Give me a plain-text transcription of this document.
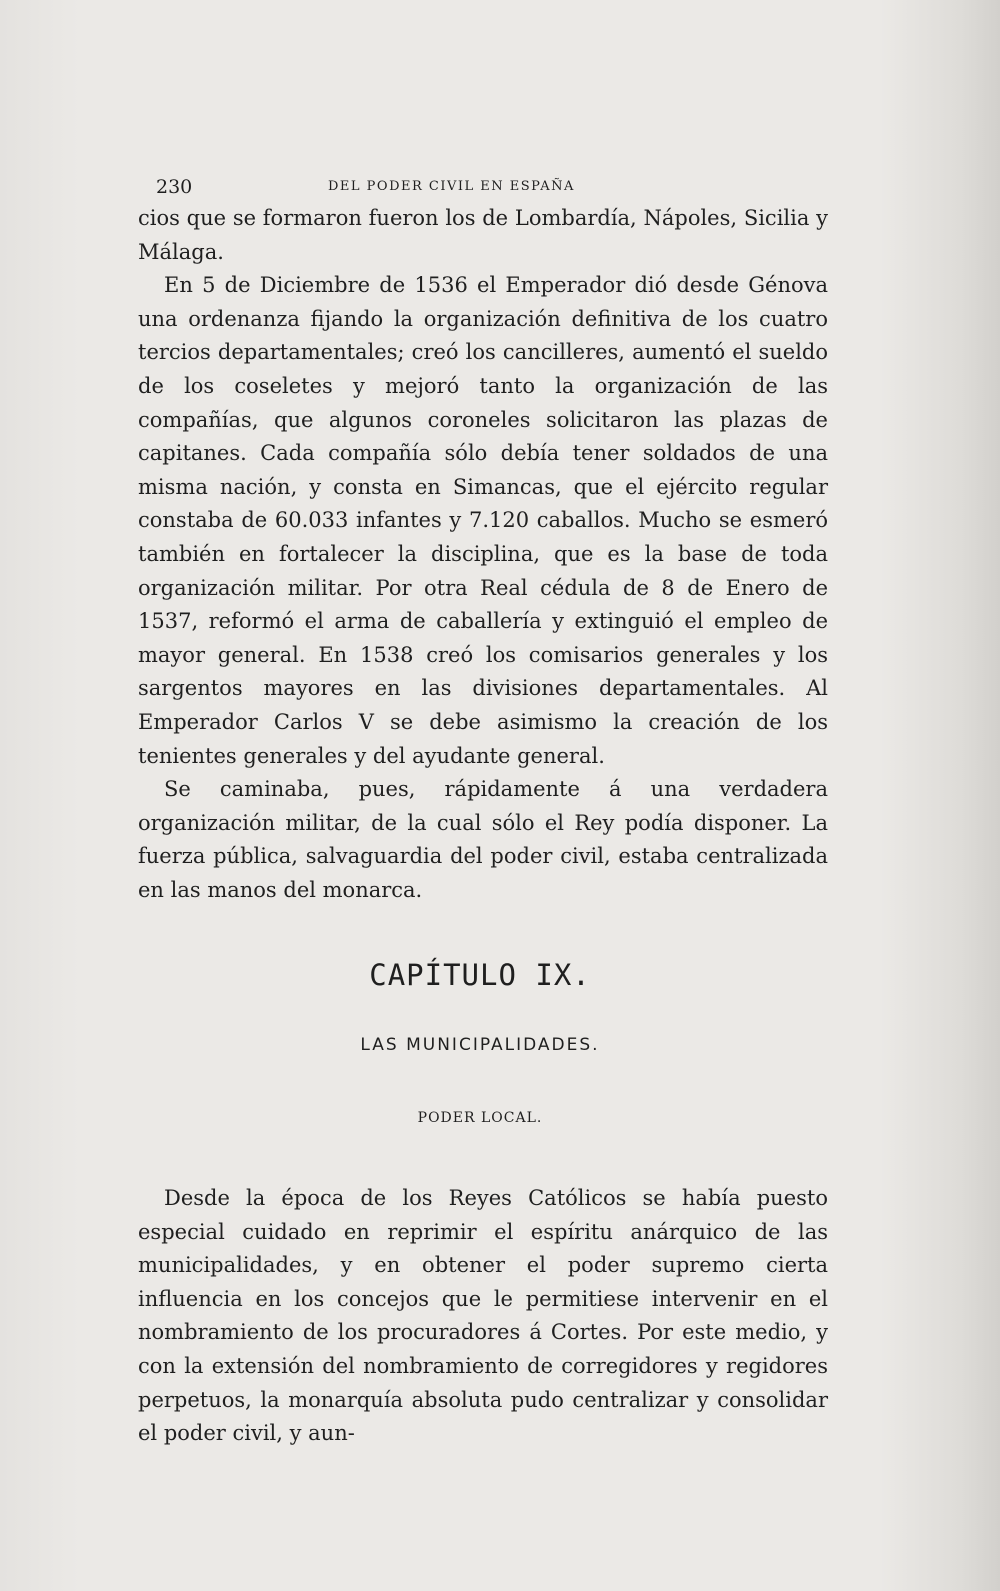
230	DEL PODER CIVIL EN ESPAÑA

cios que se formaron fueron los de Lombardía, Nápoles, Sicilia y Málaga.

En 5 de Diciembre de 1536 el Emperador dió desde Génova una ordenanza fijando la organización definitiva de los cuatro tercios departamentales; creó los cancilleres, aumentó el sueldo de los coseletes y mejoró tanto la organización de las compañías, que algunos coroneles solicitaron las plazas de capitanes. Cada compañía sólo debía tener soldados de una misma nación, y consta en Simancas, que el ejército regular constaba de 60.033 infantes y 7.120 caballos. Mucho se esmeró también en fortalecer la disciplina, que es la base de toda organización militar. Por otra Real cédula de 8 de Enero de 1537, reformó el arma de caballería y extinguió el empleo de mayor general. En 1538 creó los comisarios generales y los sargentos mayores en las divisiones departamentales. Al Emperador Carlos V se debe asimismo la creación de los tenientes generales y del ayudante general.

Se caminaba, pues, rápidamente á una verdadera organización militar, de la cual sólo el Rey podía disponer. La fuerza pública, salvaguardia del poder civil, estaba centralizada en las manos del monarca.

CAPÍTULO IX.
LAS MUNICIPALIDADES.
PODER LOCAL.

Desde la época de los Reyes Católicos se había puesto especial cuidado en reprimir el espíritu anárquico de las municipalidades, y en obtener el poder supremo cierta influencia en los concejos que le permitiese intervenir en el nombramiento de los procuradores á Cortes. Por este medio, y con la extensión del nombramiento de corregidores y regidores perpetuos, la monarquía absoluta pudo centralizar y consolidar el poder civil, y aun-
